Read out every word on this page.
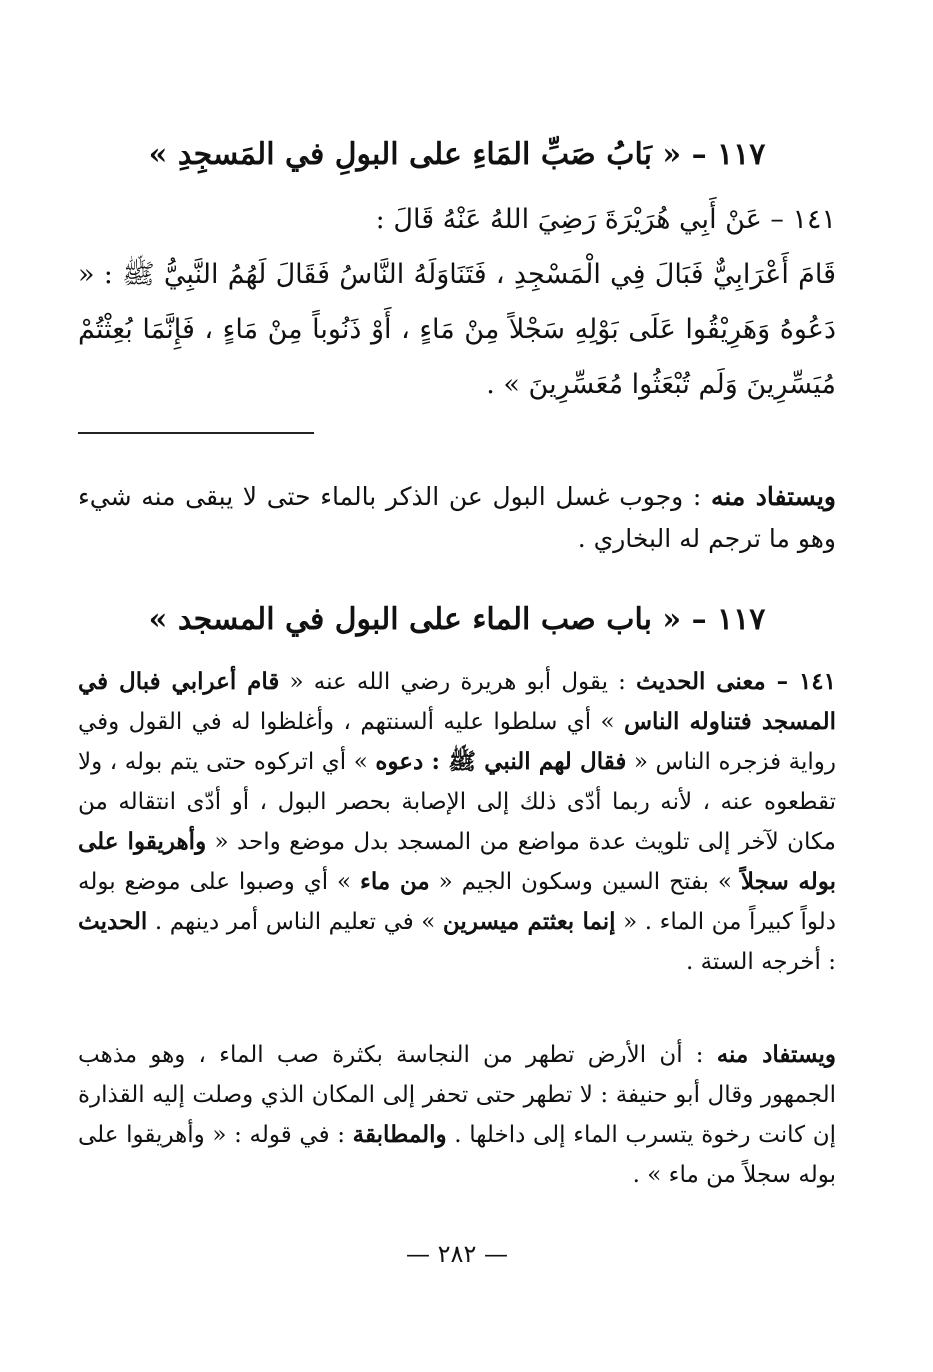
١١٧ – « بَابُ صَبِّ المَاءِ على البولِ في المَسجِدِ »
١٤١ – عَنْ أَبِي هُرَيْرَةَ رَضِيَ اللهُ عَنْهُ قَالَ :
قَامَ أَعْرَابِيٌّ فَبَالَ فِي الْمَسْجِدِ ، فَتَنَاوَلَهُ النَّاسُ فَقَالَ لَهُمُ النَّبِيُّ ﷺ : « دَعُوهُ وَهَرِيْقُوا عَلَى بَوْلِهِ سَجْلاً مِنْ مَاءٍ ، أَوْ ذَنُوباً مِنْ مَاءٍ ، فَإِنَّمَا بُعِثْتُمْ مُيَسِّرِينَ وَلَم تُبْعَثُوا مُعَسِّرِينَ » .
ويستفاد منه : وجوب غسل البول عن الذكر بالماء حتى لا يبقى منه شيء وهو ما ترجم له البخاري .
١١٧ – « باب صب الماء على البول في المسجد »
١٤١ – معنى الحديث : يقول أبو هريرة رضي الله عنه « قام أعرابي فبال في المسجد فتناوله الناس » أي سلطوا عليه ألسنتهم ، وأغلظوا له في القول وفي رواية فزجره الناس « فقال لهم النبي ﷺ : دعوه » أي اتركوه حتى يتم بوله ، ولا تقطعوه عنه ، لأنه ربما أدّى ذلك إلى الإصابة بحصر البول ، أو أدّى انتقاله من مكان لآخر إلى تلويث عدة مواضع من المسجد بدل موضع واحد « وأهريقوا على بوله سجلاً » بفتح السين وسكون الجيم « من ماء » أي وصبوا على موضع بوله دلواً كبيراً من الماء . « إنما بعثتم ميسرين » في تعليم الناس أمر دينهم . الحديث : أخرجه الستة .
ويستفاد منه : أن الأرض تطهر من النجاسة بكثرة صب الماء ، وهو مذهب الجمهور وقال أبو حنيفة : لا تطهر حتى تحفر إلى المكان الذي وصلت إليه القذارة إن كانت رخوة يتسرب الماء إلى داخلها . والمطابقة : في قوله : « وأهريقوا على بوله سجلاً من ماء » .
— ٢٨٢ —
